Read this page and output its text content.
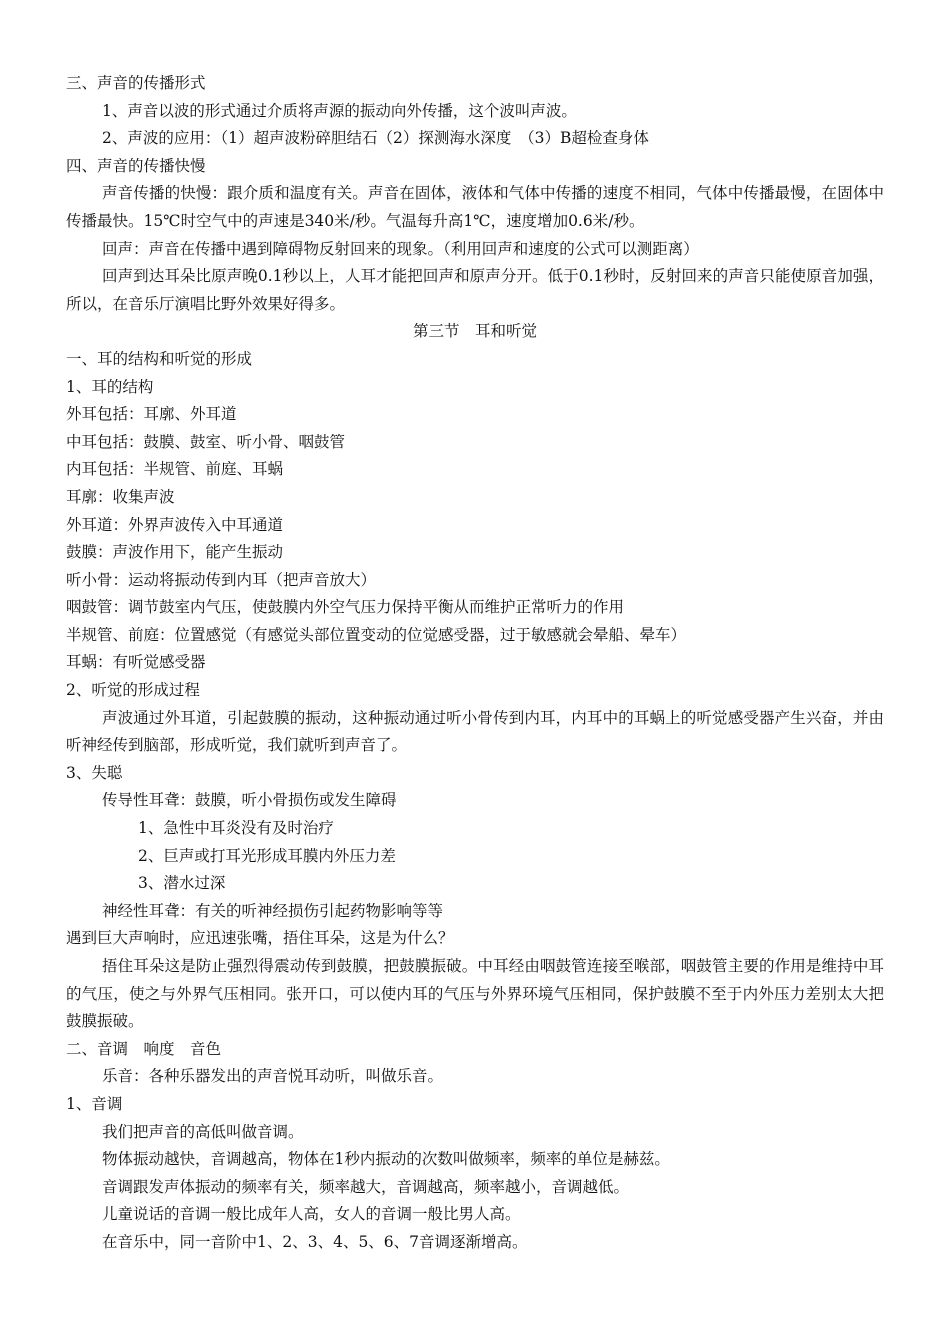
三、声音的传播形式

1、声音以波的形式通过介质将声源的振动向外传播，这个波叫声波。

2、声波的应用：（1）超声波粉碎胆结石（2）探测海水深度　（3）B超检查身体

四、声音的传播快慢

声音传播的快慢：跟介质和温度有关。声音在固体，液体和气体中传播的速度不相同，气体中传播最慢，在固体中传播最快。15℃时空气中的声速是340米/秒。气温每升高1℃，速度增加0.6米/秒。

回声：声音在传播中遇到障碍物反射回来的现象。（利用回声和速度的公式可以测距离）

回声到达耳朵比原声晚0.1秒以上，人耳才能把回声和原声分开。低于0.1秒时，反射回来的声音只能使原音加强，所以，在音乐厅演唱比野外效果好得多。

第三节　耳和听觉

一、耳的结构和听觉的形成

1、耳的结构

外耳包括：耳廓、外耳道

中耳包括：鼓膜、鼓室、听小骨、咽鼓管

内耳包括：半规管、前庭、耳蜗

耳廓：收集声波

外耳道：外界声波传入中耳通道

鼓膜：声波作用下，能产生振动

听小骨：运动将振动传到内耳（把声音放大）

咽鼓管：调节鼓室内气压，使鼓膜内外空气压力保持平衡从而维护正常听力的作用

半规管、前庭：位置感觉（有感觉头部位置变动的位觉感受器，过于敏感就会晕船、晕车）

耳蜗：有听觉感受器

2、听觉的形成过程

声波通过外耳道，引起鼓膜的振动，这种振动通过听小骨传到内耳，内耳中的耳蜗上的听觉感受器产生兴奋，并由听神经传到脑部，形成听觉，我们就听到声音了。

3、失聪

传导性耳聋：鼓膜，听小骨损伤或发生障碍

1、急性中耳炎没有及时治疗

2、巨声或打耳光形成耳膜内外压力差

3、潜水过深

神经性耳聋：有关的听神经损伤引起药物影响等等

遇到巨大声响时，应迅速张嘴，捂住耳朵，这是为什么？

捂住耳朵这是防止强烈得震动传到鼓膜，把鼓膜振破。中耳经由咽鼓管连接至喉部，咽鼓管主要的作用是维持中耳的气压，使之与外界气压相同。张开口，可以使内耳的气压与外界环境气压相同，保护鼓膜不至于内外压力差别太大把鼓膜振破。

二、音调　响度　音色

乐音：各种乐器发出的声音悦耳动听，叫做乐音。

1、音调

我们把声音的高低叫做音调。

物体振动越快，音调越高，物体在1秒内振动的次数叫做频率，频率的单位是赫兹。

音调跟发声体振动的频率有关，频率越大，音调越高，频率越小，音调越低。

儿童说话的音调一般比成年人高，女人的音调一般比男人高。

在音乐中，同一音阶中1、2、3、4、5、6、7音调逐渐增高。
